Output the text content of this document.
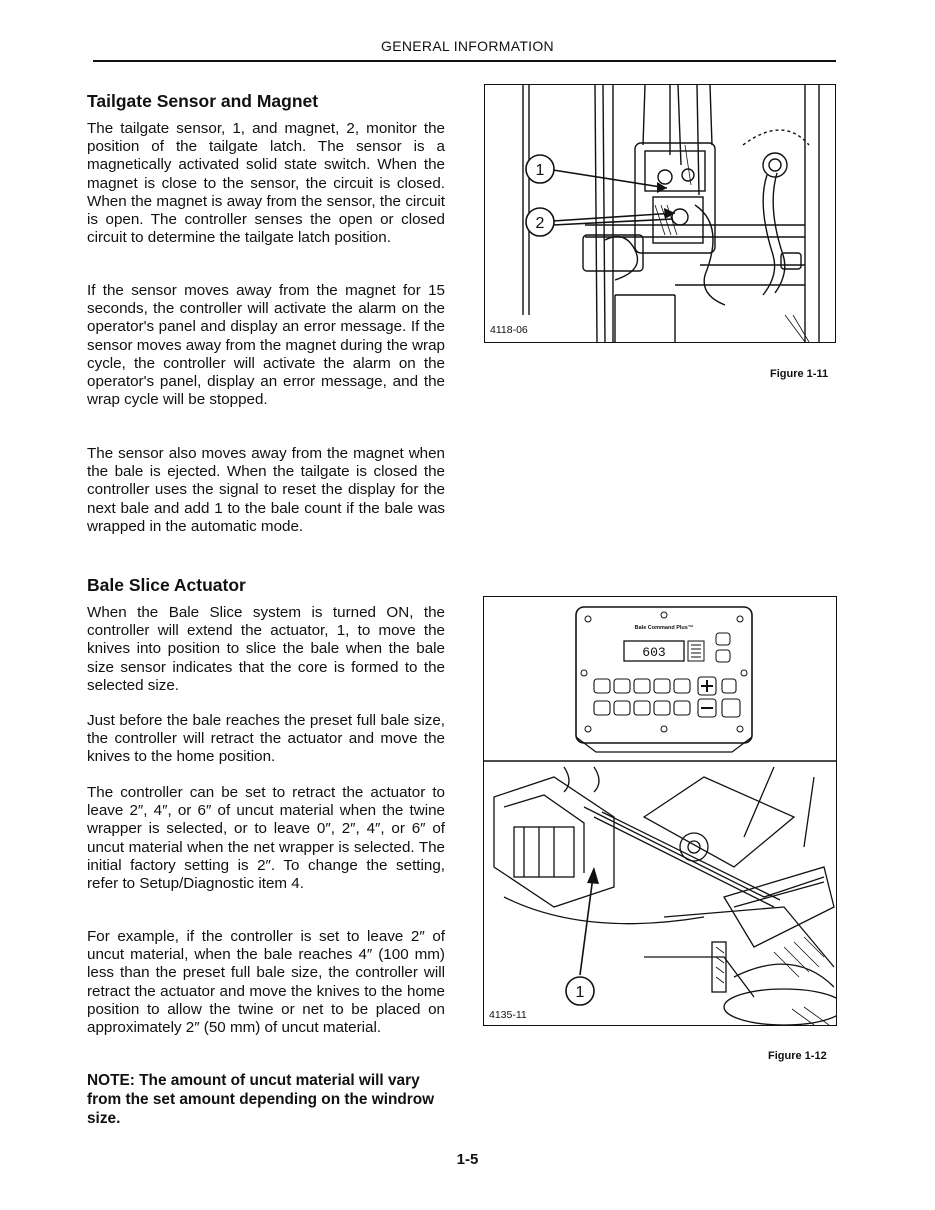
GENERAL INFORMATION
Tailgate Sensor and Magnet

The tailgate sensor, 1, and magnet, 2, monitor the position of the tailgate latch. The sensor is a magnetically activated solid state switch. When the magnet is close to the sensor, the circuit is closed. When the magnet is away from the sensor, the circuit is open. The controller senses the open or closed circuit to determine the tailgate latch position.

If the sensor moves away from the magnet for 15 seconds, the controller will activate the alarm on the operator's panel and display an error message. If the sensor moves away from the magnet during the wrap cycle, the controller will activate the alarm on the operator's panel, display an error message, and the wrap cycle will be stopped.

The sensor also moves away from the magnet when the bale is ejected. When the tailgate is closed the controller uses the signal to reset the display for the next bale and add 1 to the bale count if the bale was wrapped in the automatic mode.

Bale Slice Actuator

When the Bale Slice system is turned ON, the controller will extend the actuator, 1, to move the knives into position to slice the bale when the bale size sensor indicates that the core is formed to the selected size.

Just before the bale reaches the preset full bale size, the controller will retract the actuator and move the knives to the home position.

The controller can be set to retract the actuator to leave 2″, 4″, or 6″ of uncut material when the twine wrapper is selected, or to leave 0″, 2″, 4″, or 6″ of uncut material when the net wrapper is selected. The initial factory setting is 2″. To change the setting, refer to Setup/Diagnostic item 4.

For example, if the controller is set to leave 2″ of uncut material, when the bale reaches 4″ (100 mm) less than the preset full bale size, the controller will retract the actuator and move the knives to the home position to allow the twine or net to be placed on approximately 2″ (50 mm) of uncut material.

NOTE: The amount of uncut material will vary from the set amount depending on the windrow size.

1
2
4118-06
Figure 1-11
Bale Command Plus™
603
1
4135-11
Figure 1-12
1-5
